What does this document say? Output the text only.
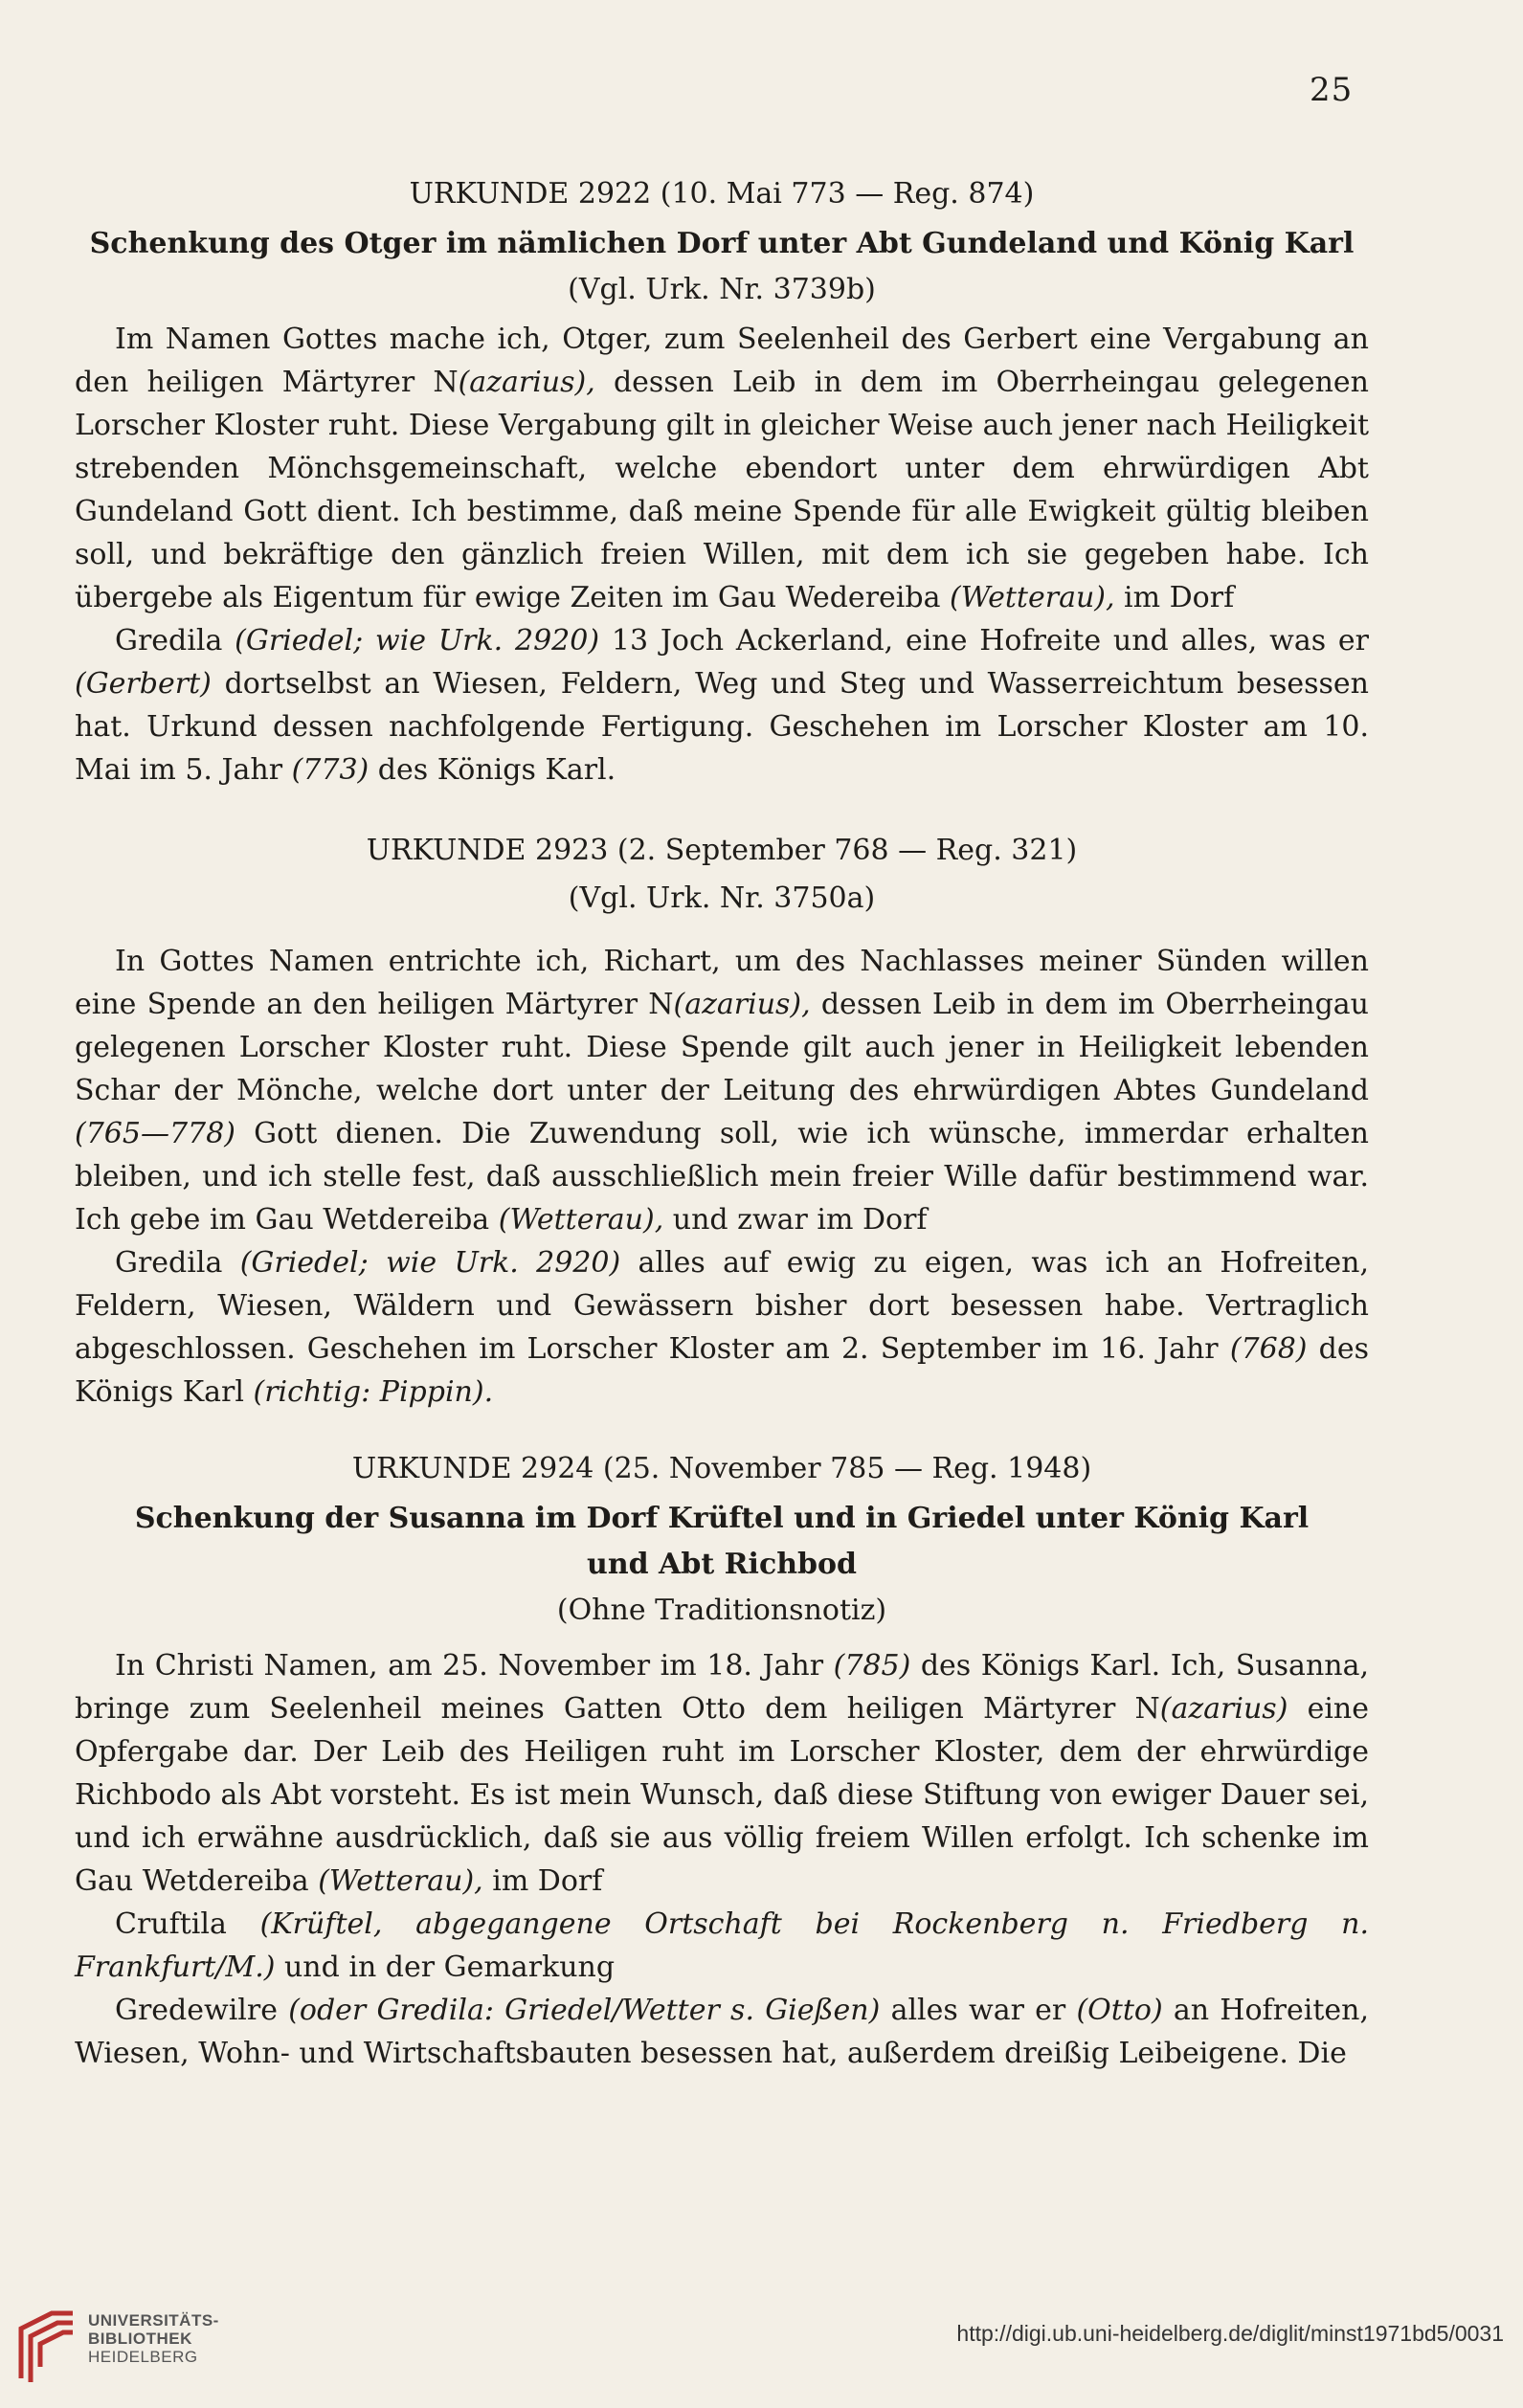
25
URKUNDE 2922 (10. Mai 773 — Reg. 874)
Schenkung des Otger im nämlichen Dorf unter Abt Gundeland und König Karl
(Vgl. Urk. Nr. 3739b)

Im Namen Gottes mache ich, Otger, zum Seelenheil des Gerbert eine Vergabung an den heiligen Märtyrer N(azarius), dessen Leib in dem im Oberrheingau gelegenen Lorscher Kloster ruht. Diese Vergabung gilt in gleicher Weise auch jener nach Heiligkeit strebenden Mönchsgemeinschaft, welche ebendort unter dem ehrwürdigen Abt Gundeland Gott dient. Ich bestimme, daß meine Spende für alle Ewigkeit gültig bleiben soll, und bekräftige den gänzlich freien Willen, mit dem ich sie gegeben habe. Ich übergebe als Eigentum für ewige Zeiten im Gau Wedereiba (Wetterau), im Dorf

Gredila (Griedel; wie Urk. 2920) 13 Joch Ackerland, eine Hofreite und alles, was er (Gerbert) dortselbst an Wiesen, Feldern, Weg und Steg und Wasserreichtum besessen hat. Urkund dessen nachfolgende Fertigung. Geschehen im Lorscher Kloster am 10. Mai im 5. Jahr (773) des Königs Karl.

URKUNDE 2923 (2. September 768 — Reg. 321)
(Vgl. Urk. Nr. 3750a)

In Gottes Namen entrichte ich, Richart, um des Nachlasses meiner Sünden willen eine Spende an den heiligen Märtyrer N(azarius), dessen Leib in dem im Oberrheingau gelegenen Lorscher Kloster ruht. Diese Spende gilt auch jener in Heiligkeit lebenden Schar der Mönche, welche dort unter der Leitung des ehrwürdigen Abtes Gundeland (765—778) Gott dienen. Die Zuwendung soll, wie ich wünsche, immerdar erhalten bleiben, und ich stelle fest, daß ausschließlich mein freier Wille dafür bestimmend war. Ich gebe im Gau Wetdereiba (Wetterau), und zwar im Dorf

Gredila (Griedel; wie Urk. 2920) alles auf ewig zu eigen, was ich an Hofreiten, Feldern, Wiesen, Wäldern und Gewässern bisher dort besessen habe. Vertraglich abgeschlossen. Geschehen im Lorscher Kloster am 2. September im 16. Jahr (768) des Königs Karl (richtig: Pippin).

URKUNDE 2924 (25. November 785 — Reg. 1948)
Schenkung der Susanna im Dorf Krüftel und in Griedel unter König Karl
und Abt Richbod
(Ohne Traditionsnotiz)

In Christi Namen, am 25. November im 18. Jahr (785) des Königs Karl. Ich, Susanna, bringe zum Seelenheil meines Gatten Otto dem heiligen Märtyrer N(azarius) eine Opfergabe dar. Der Leib des Heiligen ruht im Lorscher Kloster, dem der ehrwürdige Richbodo als Abt vorsteht. Es ist mein Wunsch, daß diese Stiftung von ewiger Dauer sei, und ich erwähne ausdrücklich, daß sie aus völlig freiem Willen erfolgt. Ich schenke im Gau Wetdereiba (Wetterau), im Dorf

Cruftila (Krüftel, abgegangene Ortschaft bei Rockenberg n. Friedberg n. Frankfurt/M.) und in der Gemarkung

Gredewilre (oder Gredila: Griedel/Wetter s. Gießen) alles war er (Otto) an Hofreiten, Wiesen, Wohn- und Wirtschaftsbauten besessen hat, außerdem dreißig Leibeigene. Die

UNIVERSITÄTS-
BIBLIOTHEK
HEIDELBERG
http://digi.ub.uni-heidelberg.de/diglit/minst1971bd5/0031
